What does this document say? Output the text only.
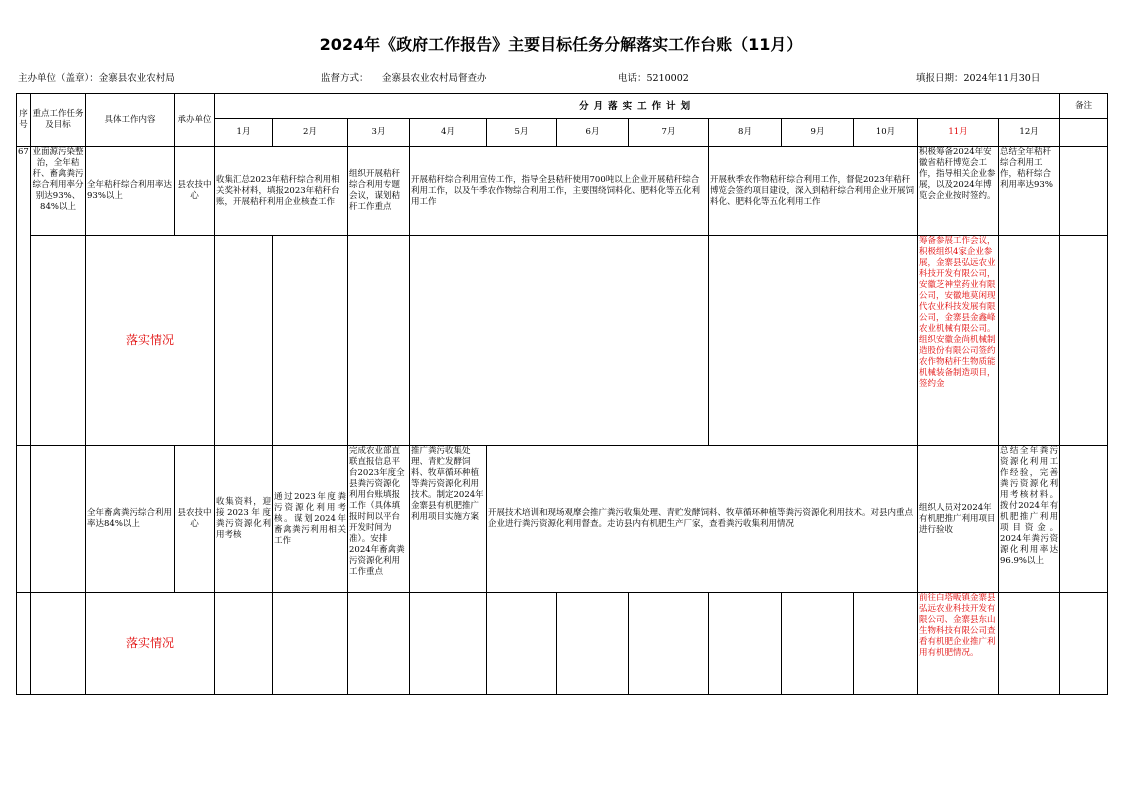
2024年《政府工作报告》主要目标任务分解落实工作台账（11月）
主办单位（盖章）：金寨县农业农村局	监督方式： 金寨县农业农村局督查办	电话：5210002	填报日期：2024年11月30日
序号	重点工作任务及目标	具体工作内容	承办单位	分月落实工作计划												备注
				1月	2月	3月	4月	5月	6月	7月	8月	9月	10月	11月	12月	
67	业面源污染整治，全年秸秆、畜禽粪污综合利用率分别达93%、84%以上	全年秸秆综合利用率达93%以上	县农技中心	收集汇总2023年秸秆综合利用相关奖补材料，填报2023年秸秆台账，开展秸秆利用企业核查工作		组织开展秸秆综合利用专题会议，谋划秸秆工作重点	开展秸秆综合利用宣传工作，指导全县秸秆使用700吨以上企业开展秸秆综合利用工作，以及午季农作物综合利用工作，主要围绕饲料化、肥料化等五化利用工作				开展秋季农作物秸秆综合利用工作，督促2023年秸秆博览会签约项目建设，深入到秸秆综合利用企业开展饲料化、肥料化等五化利用工作			积极筹备2024年安徽省秸秆博览会工作，指导相关企业参展，以及2024年博览会企业按时签约。	总结全年秸秆综合利用工作，秸秆综合利用率达93%	
		落实情况												筹备参展工作会议，积极组织4家企业参展，金寨县弘远农业科技开发有限公司，安徽芝神堂药业有限公司，安徽地莫闲现代农业科技发展有限公司，金寨县金鑫峰农业机械有限公司。组织安徽金尚机械制造股份有限公司签约农作物秸秆生物质能机械装备制造项目，签约金		

		全年畜禽粪污综合利用率达84%以上	县农技中心	收集资料，迎接2023年度粪污资源化利用考核	通过2023年度粪污资源化利用考核。谋划2024年畜禽粪污利用相关工作	完成农业部直联直报信息平台2023年度全县粪污资源化利用台账填报工作（具体填报时间以平台开发时间为准）。安排2024年畜禽粪污资源化利用工作重点	推广粪污收集处理、青贮发酵饲料、牧草循环种植等粪污资源化利用技术。制定2024年金寨县有机肥推广利用项目实施方案	开展技术培训和现场观摩会推广粪污收集处理、青贮发酵饲料、牧草循环种植等粪污资源化利用技术。对县内重点企业进行粪污资源化利用督查。走访县内有机肥生产厂家，查看粪污收集利用情况						组织人员对2024年有机肥推广利用项目进行验收	总结全年粪污资源化利用工作经验，完善粪污资源化利用考核材料。拨付2024年有机肥推广利用项目资金。2024年粪污资源化利用率达96.9%以上	
		落实情况												前往白塔畈镇金寨县弘远农业科技开发有限公司、金寨县东山生物科技有限公司查看有机肥企业推广利用有机肥情况。		
